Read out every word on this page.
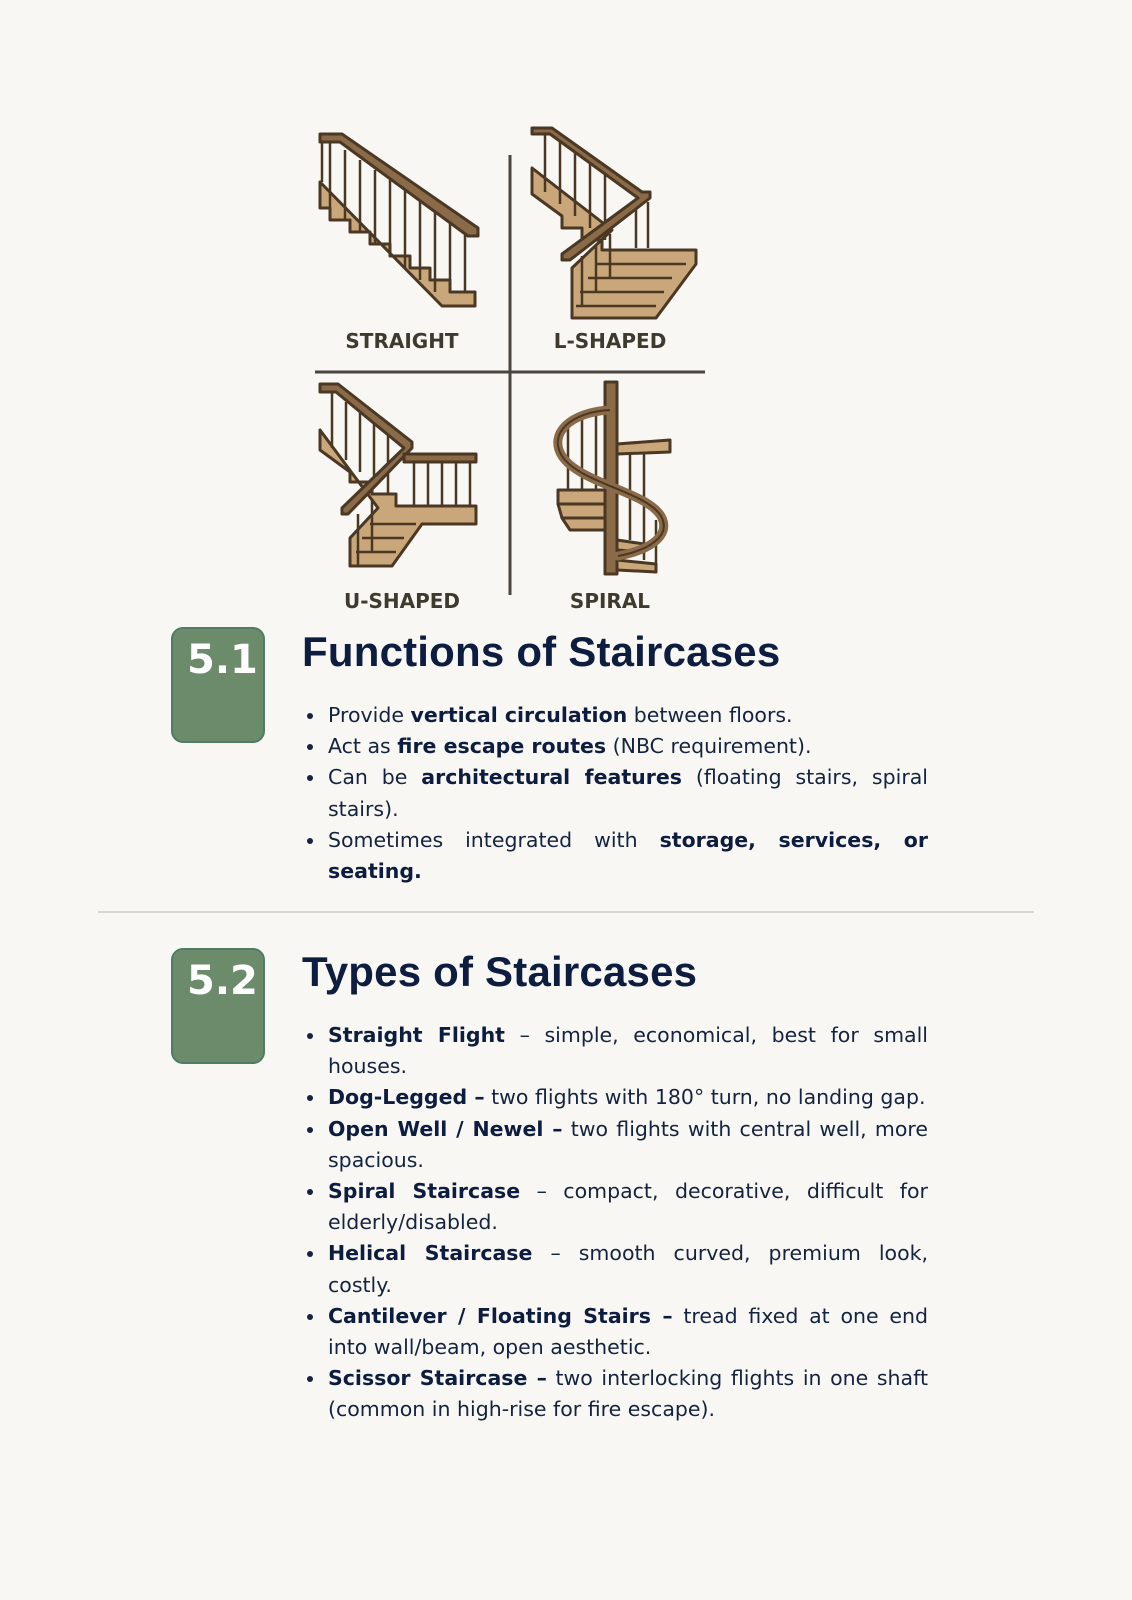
STRAIGHT	L-SHAPED
U-SHAPED	SPIRAL
5.1 Functions of Staircases
• Provide vertical circulation between floors.
• Act as fire escape routes (NBC requirement).
• Can be architectural features (floating stairs, spiral stairs).
• Sometimes integrated with storage, services, or seating.
5.2 Types of Staircases
• Straight Flight – simple, economical, best for small houses.
• Dog-Legged – two flights with 180° turn, no landing gap.
• Open Well / Newel – two flights with central well, more spacious.
• Spiral Staircase – compact, decorative, difficult for elderly/disabled.
• Helical Staircase – smooth curved, premium look, costly.
• Cantilever / Floating Stairs – tread fixed at one end into wall/beam, open aesthetic.
• Scissor Staircase – two interlocking flights in one shaft (common in high-rise for fire escape).
